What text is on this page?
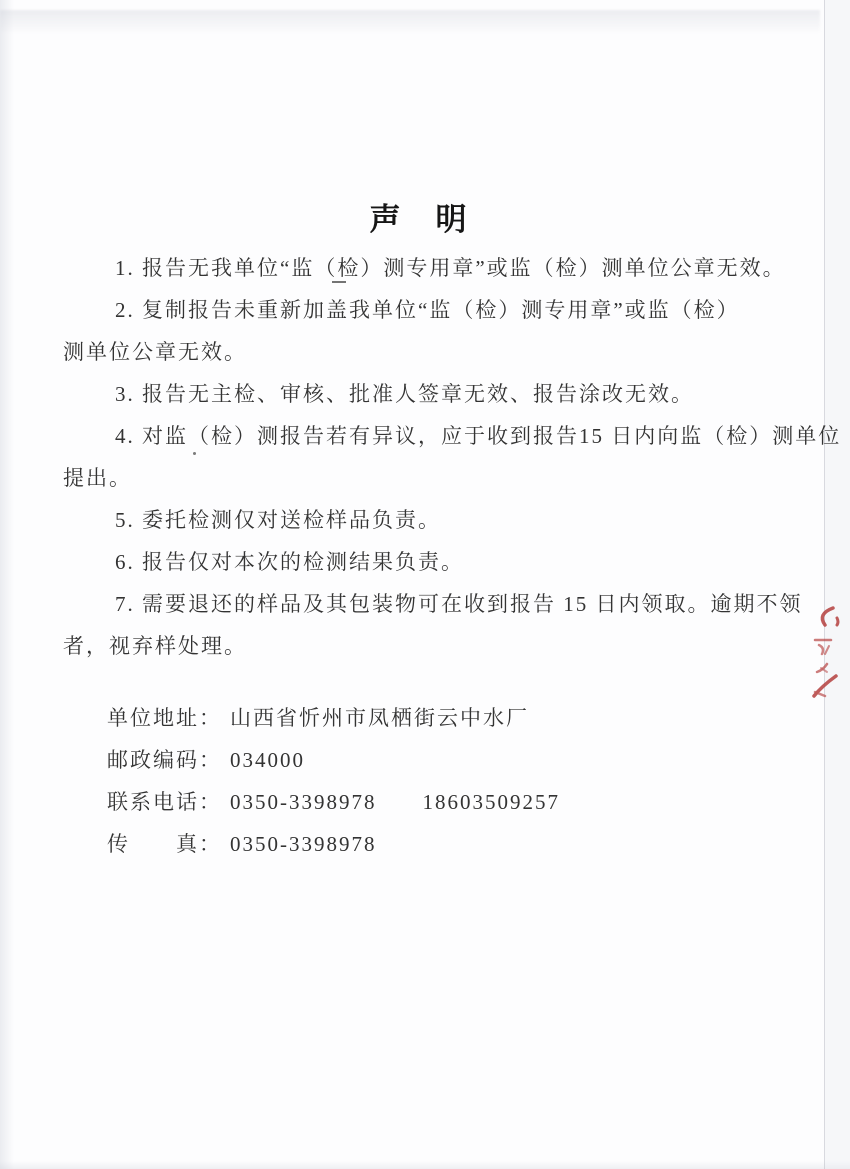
声　明
1. 报告无我单位“监（检）测专用章”或监（检）测单位公章无效。
2. 复制报告未重新加盖我单位“监（检）测专用章”或监（检）
测单位公章无效。
3. 报告无主检、审核、批准人签章无效、报告涂改无效。
4. 对监（检）测报告若有异议，应于收到报告15 日内向监（检）测单位
提出。
5. 委托检测仅对送检样品负责。
6. 报告仅对本次的检测结果负责。
7. 需要退还的样品及其包装物可在收到报告 15 日内领取。逾期不领
者，视弃样处理。
单位地址： 山西省忻州市凤栖街云中水厂
邮政编码： 034000
联系电话： 0350-3398978　　18603509257
传　　真： 0350-3398978
